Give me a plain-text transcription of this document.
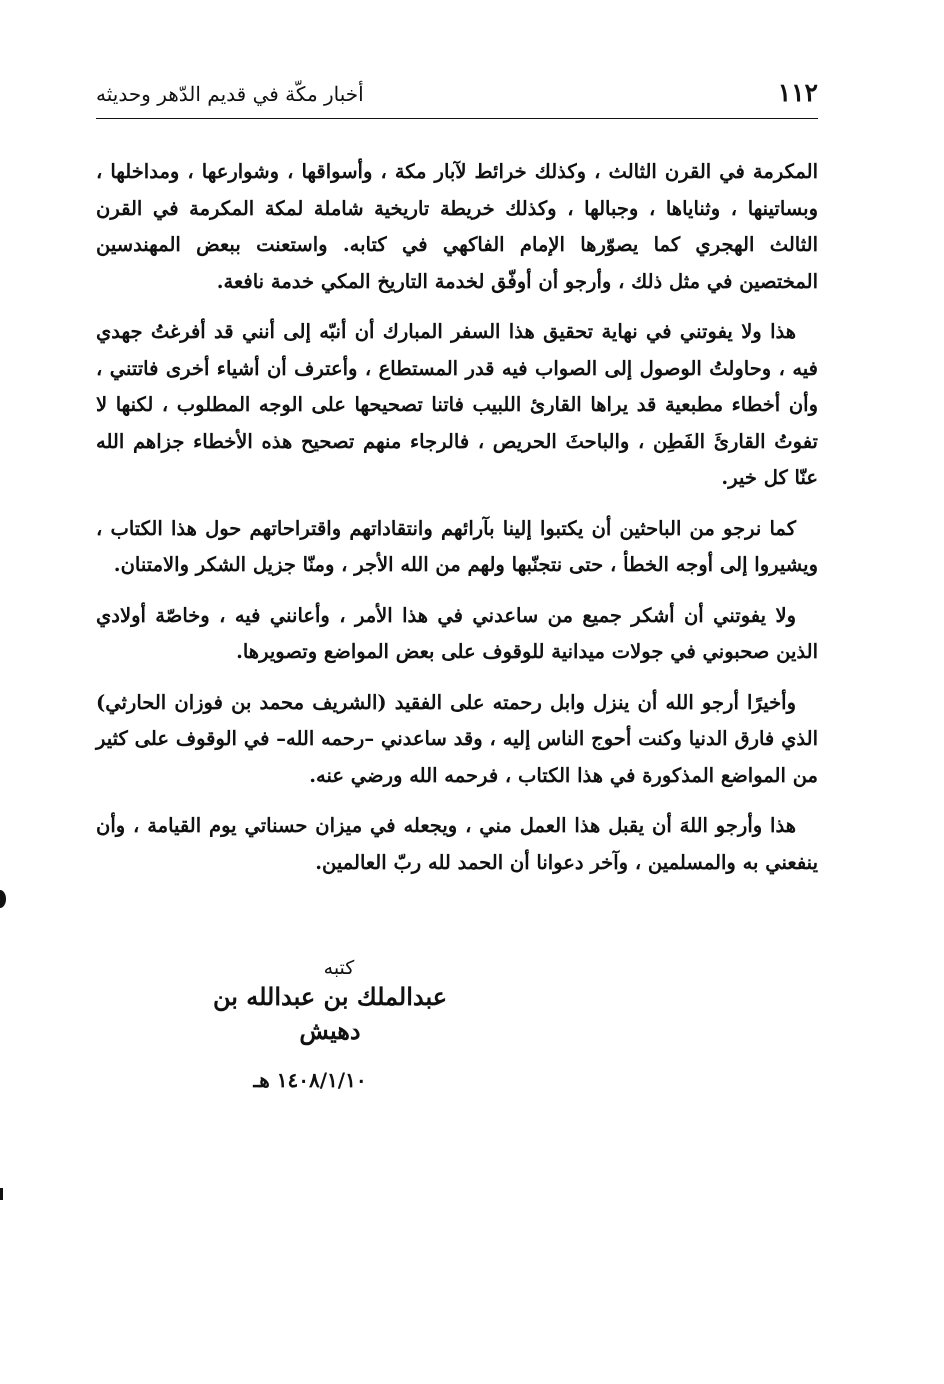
١١٢
أخبار مكّة في قديم الدّهر وحديثه

المكرمة في القرن الثالث ، وكذلك خرائط لآبار مكة ، وأسواقها ، وشوارعها ، ومداخلها ، وبساتينها ، وثناياها ، وجبالها ، وكذلك خريطة تاريخية شاملة لمكة المكرمة في القرن الثالث الهجري كما يصوّرها الإمام الفاكهي في كتابه. واستعنت ببعض المهندسين المختصين في مثل ذلك ، وأرجو أن أوفّق لخدمة التاريخ المكي خدمة نافعة.

هذا ولا يفوتني في نهاية تحقيق هذا السفر المبارك أن أنبّه إلى أنني قد أفرغتُ جهدي فيه ، وحاولتُ الوصول إلى الصواب فيه قدر المستطاع ، وأعترف أن أشياء أخرى فاتتني ، وأن أخطاء مطبعية قد يراها القارئ اللبيب فاتنا تصحيحها على الوجه المطلوب ، لكنها لا تفوتُ القارئَ الفَطِن ، والباحثَ الحريص ، فالرجاء منهم تصحيح هذه الأخطاء جزاهم الله عنّا كل خير.

كما نرجو من الباحثين أن يكتبوا إلينا بآرائهم وانتقاداتهم واقتراحاتهم حول هذا الكتاب ، ويشيروا إلى أوجه الخطأ ، حتى نتجنّبها ولهم من الله الأجر ، ومنّا جزيل الشكر والامتنان.

ولا يفوتني أن أشكر جميع من ساعدني في هذا الأمر ، وأعانني فيه ، وخاصّة أولادي الذين صحبوني في جولات ميدانية للوقوف على بعض المواضع وتصويرها.

وأخيرًا أرجو الله أن ينزل وابل رحمته على الفقيد (الشريف محمد بن فوزان الحارثي) الذي فارق الدنيا وكنت أحوج الناس إليه ، وقد ساعدني –رحمه الله– في الوقوف على كثير من المواضع المذكورة في هذا الكتاب ، فرحمه الله ورضي عنه.

هذا وأرجو اللهَ أن يقبل هذا العمل مني ، ويجعله في ميزان حسناتي يوم القيامة ، وأن ينفعني به والمسلمين ، وآخر دعوانا أن الحمد لله ربّ العالمين.

كتبه
عبدالملك بن عبدالله بن دهيش
١٤٠٨/١/١٠ هـ
